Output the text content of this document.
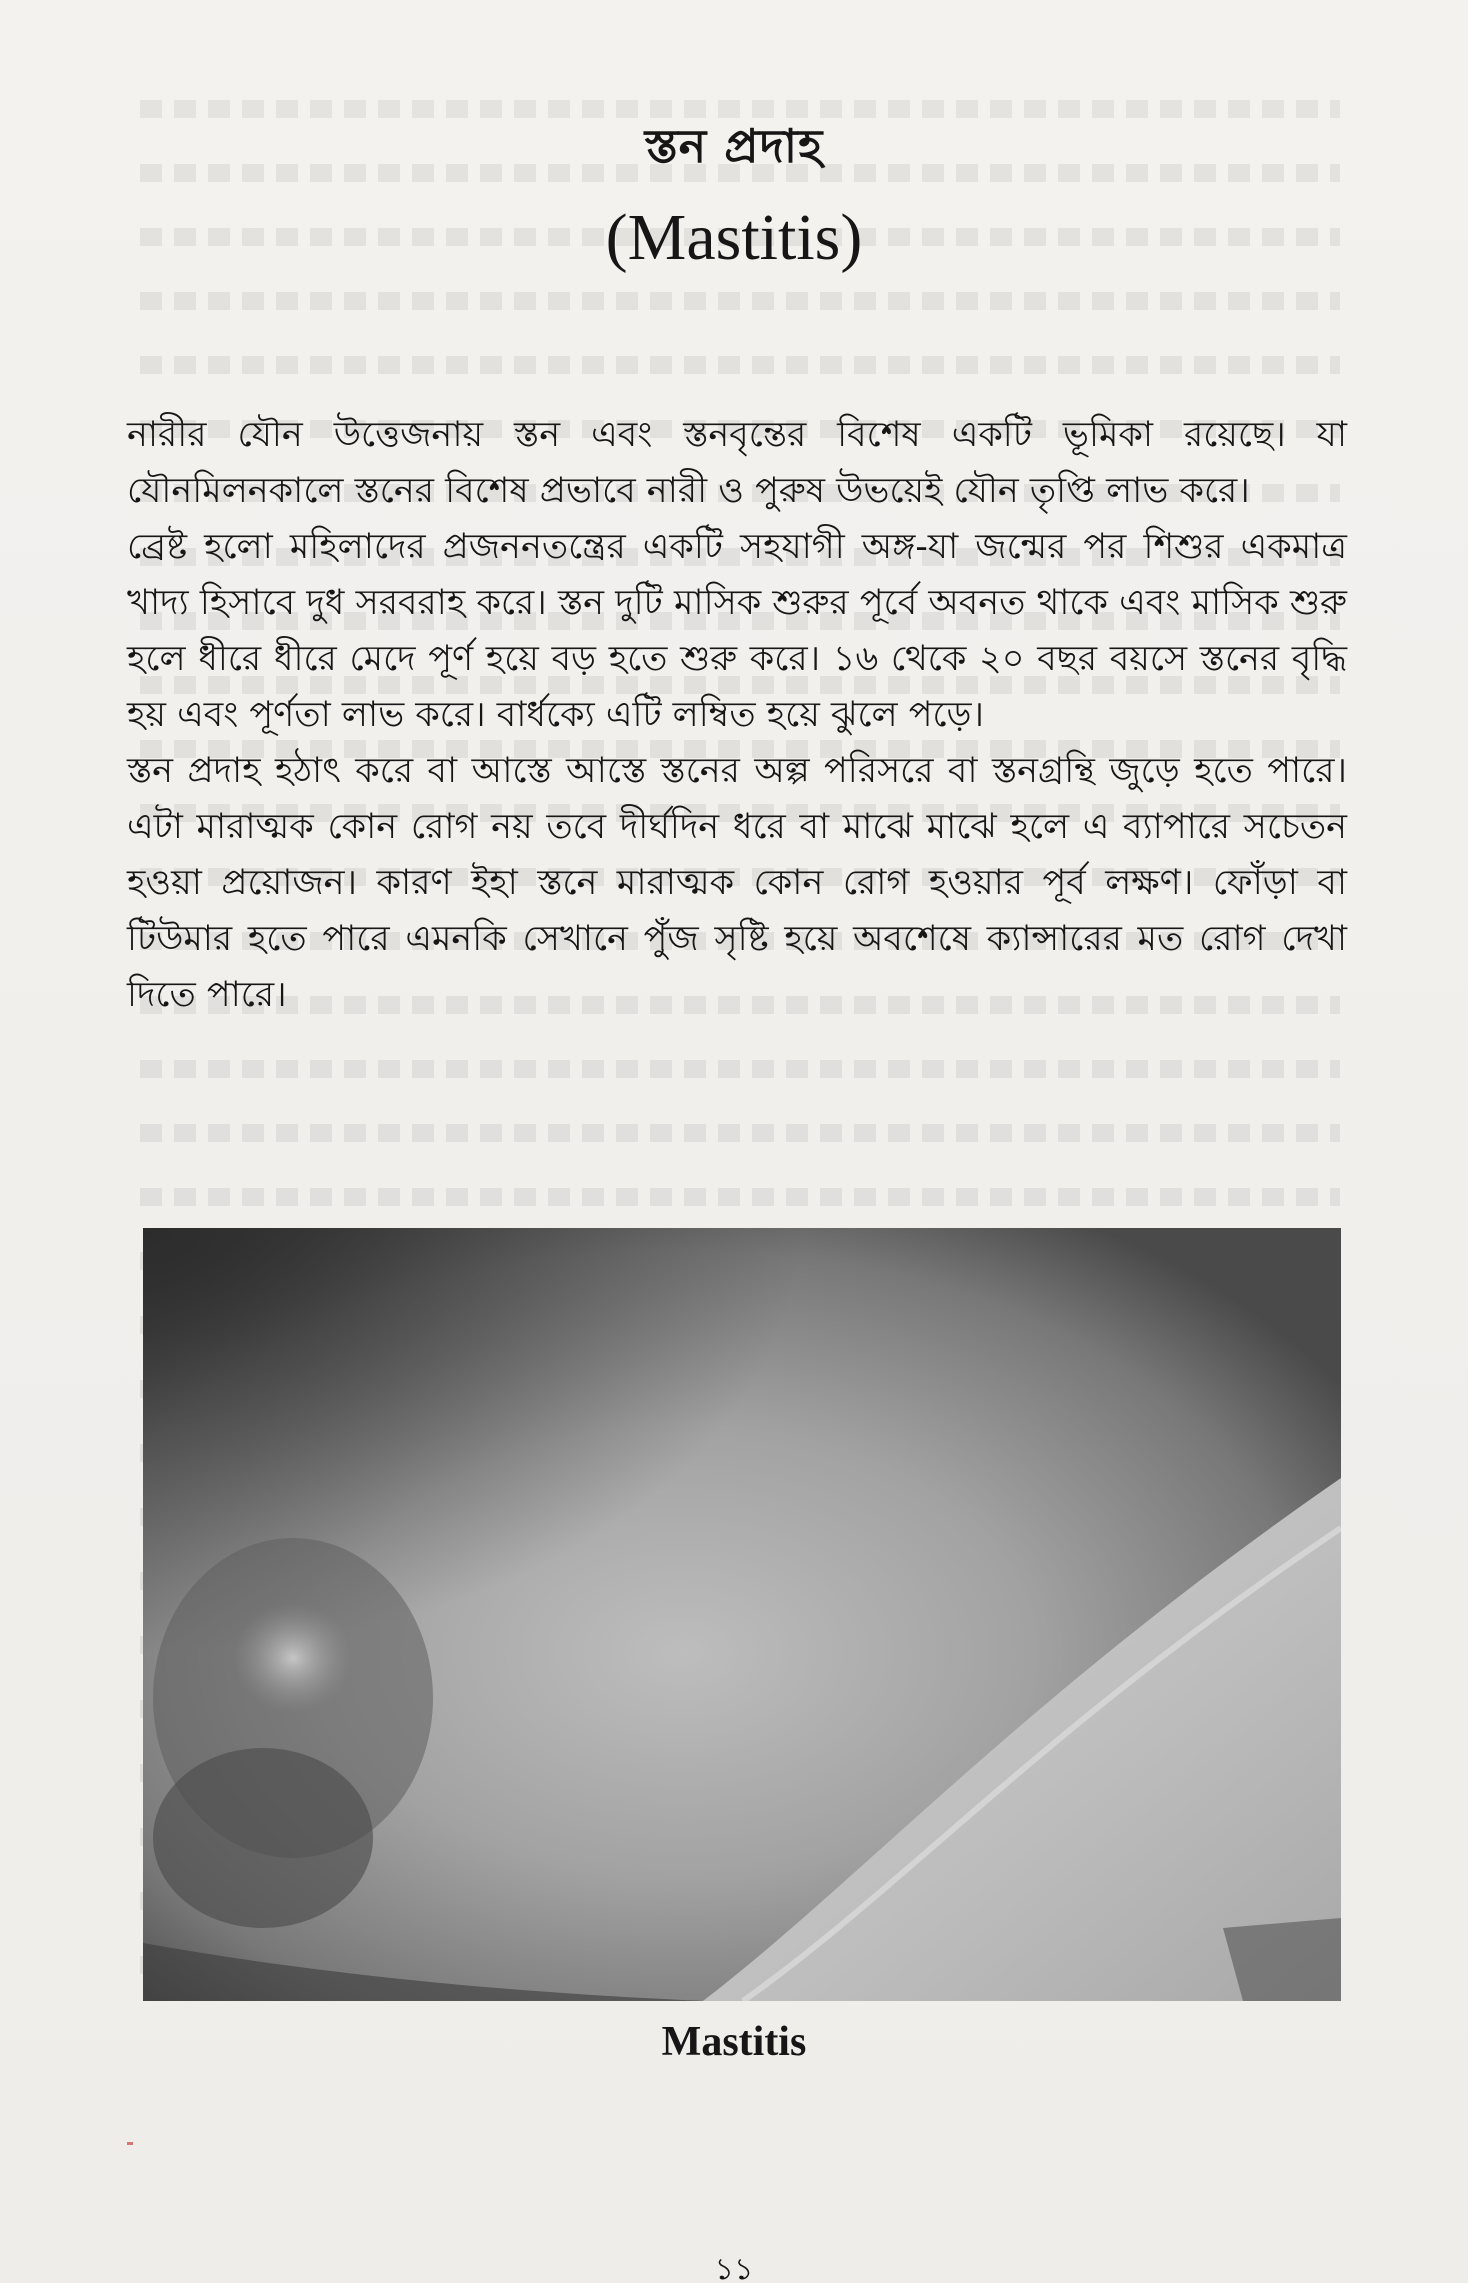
স্তন প্রদাহ
(Mastitis)

নারীর যৌন উত্তেজনায় স্তন এবং স্তনবৃন্তের বিশেষ একটি ভূমিকা রয়েছে। যা যৌনমিলনকালে স্তনের বিশেষ প্রভাবে নারী ও পুরুষ উভয়েই যৌন তৃপ্তি লাভ করে।

ব্রেষ্ট হলো মহিলাদের প্রজননতন্ত্রের একটি সহযাগী অঙ্গ-যা জন্মের পর শিশুর একমাত্র খাদ্য হিসাবে দুধ সরবরাহ করে। স্তন দুটি মাসিক শুরুর পূর্বে অবনত থাকে এবং মাসিক শুরু হলে ধীরে ধীরে মেদে পূর্ণ হয়ে বড় হতে শুরু করে। ১৬ থেকে ২০ বছর বয়সে স্তনের বৃদ্ধি হয় এবং পূর্ণতা লাভ করে। বার্ধক্যে এটি লম্বিত হয়ে ঝুলে পড়ে।

স্তন প্রদাহ হঠাৎ করে বা আস্তে আস্তে স্তনের অল্প পরিসরে বা স্তনগ্রন্থি জুড়ে হতে পারে। এটা মারাত্মক কোন রোগ নয় তবে দীর্ঘদিন ধরে বা মাঝে মাঝে হলে এ ব্যাপারে সচেতন হওয়া প্রয়োজন। কারণ ইহা স্তনে মারাত্মক কোন রোগ হওয়ার পূর্ব লক্ষণ। ফোঁড়া বা টিউমার হতে পারে এমনকি সেখানে পুঁজ সৃষ্টি হয়ে অবশেষে ক্যান্সারের মত রোগ দেখা দিতে পারে।

Mastitis
১১
